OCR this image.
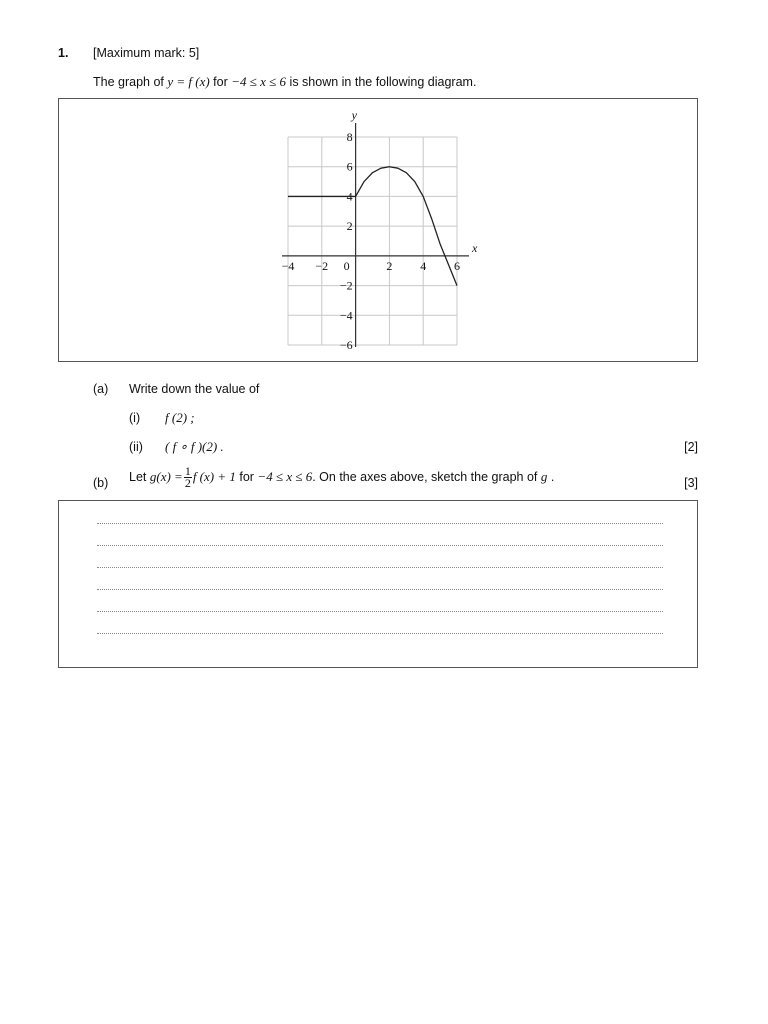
1. [Maximum mark: 5]
The graph of y = f (x) for −4 ≤ x ≤ 6 is shown in the following diagram.
x
y
−4 −2 0	2 4 6
8
6
4
2
−2
−4
−6
(a) Write down the value of
(i) f (2) ;
(ii) ( f ∘ f )(2) .	[2]
(b) Let $g(x) = \frac{1}{2}$ f (x) + 1 for −4 ≤ x ≤ 6. On the axes above, sketch the graph of g .	[3]
